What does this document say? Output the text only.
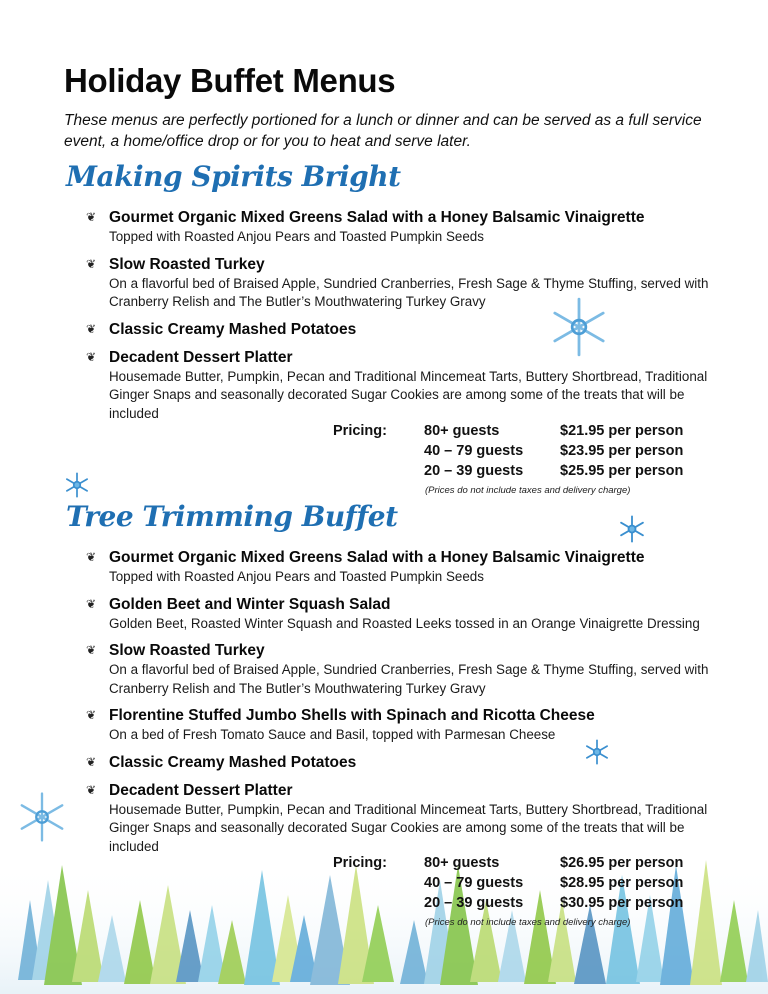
Holiday Buffet Menus
These menus are perfectly portioned for a lunch or dinner and can be served as a full service event, a home/office drop or for you to heat and serve later.
Making Spirits Bright
❦ Gourmet Organic Mixed Greens Salad with a Honey Balsamic Vinaigrette
Topped with Roasted Anjou Pears and Toasted Pumpkin Seeds
❦ Slow Roasted Turkey
On a flavorful bed of Braised Apple, Sundried Cranberries, Fresh Sage & Thyme Stuffing, served with Cranberry Relish and The Butler’s Mouthwatering Turkey Gravy
❦ Classic Creamy Mashed Potatoes
❦ Decadent Dessert Platter
Housemade Butter, Pumpkin, Pecan and Traditional Mincemeat Tarts, Buttery Shortbread, Traditional Ginger Snaps and seasonally decorated Sugar Cookies are among some of the treats that will be included
Pricing:	80+ guests	$21.95 per person
40 – 79 guests	$23.95 per person
20 – 39 guests	$25.95 per person
(Prices do not include taxes and delivery charge)
Tree Trimming Buffet
❦ Gourmet Organic Mixed Greens Salad with a Honey Balsamic Vinaigrette
Topped with Roasted Anjou Pears and Toasted Pumpkin Seeds
❦ Golden Beet and Winter Squash Salad
Golden Beet, Roasted Winter Squash and Roasted Leeks tossed in an Orange Vinaigrette Dressing
❦ Slow Roasted Turkey
On a flavorful bed of Braised Apple, Sundried Cranberries, Fresh Sage & Thyme Stuffing, served with Cranberry Relish and The Butler’s Mouthwatering Turkey Gravy
❦ Florentine Stuffed Jumbo Shells with Spinach and Ricotta Cheese
On a bed of Fresh Tomato Sauce and Basil, topped with Parmesan Cheese
❦ Classic Creamy Mashed Potatoes
❦ Decadent Dessert Platter
Housemade Butter, Pumpkin, Pecan and Traditional Mincemeat Tarts, Buttery Shortbread, Traditional Ginger Snaps and seasonally decorated Sugar Cookies are among some of the treats that will be included
Pricing:	80+ guests	$26.95 per person
40 – 79 guests	$28.95 per person
20 – 39 guests	$30.95 per person
(Prices do not include taxes and delivery charge)
